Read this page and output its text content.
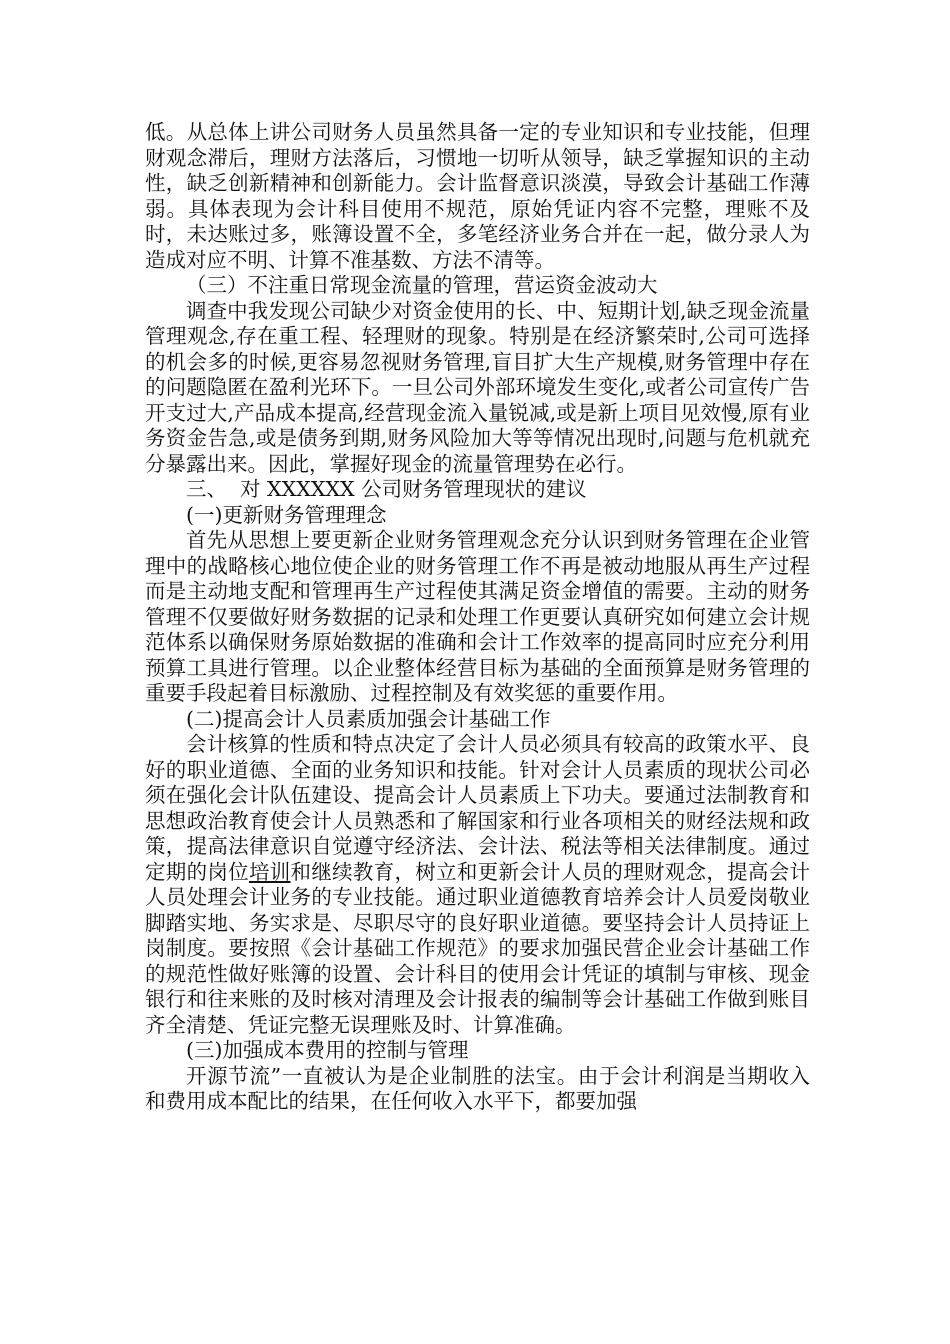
低。从总体上讲公司财务人员虽然具备一定的专业知识和专业技能，但理财观念滞后，理财方法落后，习惯地一切听从领导，缺乏掌握知识的主动性，缺乏创新精神和创新能力。会计监督意识淡漠，导致会计基础工作薄弱。具体表现为会计科目使用不规范，原始凭证内容不完整，理账不及时，未达账过多，账簿设置不全，多笔经济业务合并在一起，做分录人为造成对应不明、计算不准基数、方法不清等。

（三）不注重日常现金流量的管理，营运资金波动大

调查中我发现公司缺少对资金使用的长、中、短期计划,缺乏现金流量管理观念,存在重工程、轻理财的现象。特别是在经济繁荣时,公司可选择的机会多的时候,更容易忽视财务管理,盲目扩大生产规模,财务管理中存在的问题隐匿在盈利光环下。一旦公司外部环境发生变化,或者公司宣传广告开支过大,产品成本提高,经营现金流入量锐减,或是新上项目见效慢,原有业务资金告急,或是债务到期,财务风险加大等等情况出现时,问题与危机就充分暴露出来。因此，掌握好现金的流量管理势在必行。

三、  对 XXXXXX 公司财务管理现状的建议

(一)更新财务管理理念

首先从思想上要更新企业财务管理观念充分认识到财务管理在企业管理中的战略核心地位使企业的财务管理工作不再是被动地服从再生产过程而是主动地支配和管理再生产过程使其满足资金增值的需要。主动的财务管理不仅要做好财务数据的记录和处理工作更要认真研究如何建立会计规范体系以确保财务原始数据的准确和会计工作效率的提高同时应充分利用预算工具进行管理。以企业整体经营目标为基础的全面预算是财务管理的重要手段起着目标激励、过程控制及有效奖惩的重要作用。

(二)提高会计人员素质加强会计基础工作

会计核算的性质和特点决定了会计人员必须具有较高的政策水平、良好的职业道德、全面的业务知识和技能。针对会计人员素质的现状公司必须在强化会计队伍建设、提高会计人员素质上下功夫。要通过法制教育和思想政治教育使会计人员熟悉和了解国家和行业各项相关的财经法规和政策，提高法律意识自觉遵守经济法、会计法、税法等相关法律制度。通过定期的岗位培训和继续教育，树立和更新会计人员的理财观念，提高会计人员处理会计业务的专业技能。通过职业道德教育培养会计人员爱岗敬业脚踏实地、务实求是、尽职尽守的良好职业道德。要坚持会计人员持证上岗制度。要按照《会计基础工作规范》的要求加强民营企业会计基础工作的规范性做好账簿的设置、会计科目的使用会计凭证的填制与审核、现金银行和往来账的及时核对清理及会计报表的编制等会计基础工作做到账目齐全清楚、凭证完整无误理账及时、计算准确。

(三)加强成本费用的控制与管理

开源节流”一直被认为是企业制胜的法宝。由于会计利润是当期收入和费用成本配比的结果，在任何收入水平下，都要加强
